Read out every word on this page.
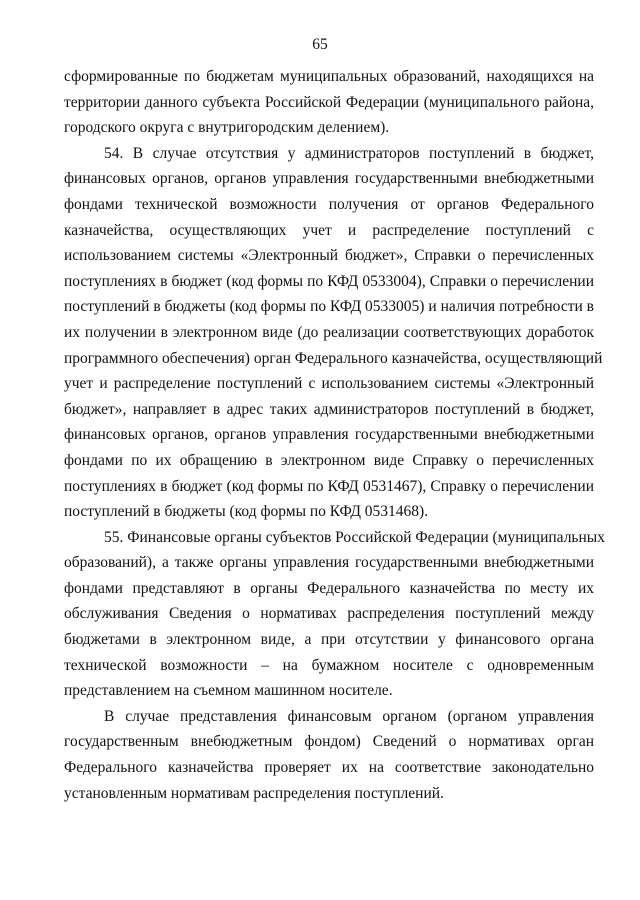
65

сформированные по бюджетам муниципальных образований, находящихся на
территории данного субъекта Российской Федерации (муниципального района,
городского округа с внутригородским делением).

54. В случае отсутствия у администраторов поступлений в бюджет,
финансовых органов, органов управления государственными внебюджетными
фондами технической возможности получения от органов Федерального
казначейства, осуществляющих учет и распределение поступлений с
использованием системы «Электронный бюджет», Справки о перечисленных
поступлениях в бюджет (код формы по КФД 0533004), Справки о перечислении
поступлений в бюджеты (код формы по КФД 0533005) и наличия потребности в
их получении в электронном виде (до реализации соответствующих доработок
программного обеспечения) орган Федерального казначейства, осуществляющий
учет и распределение поступлений с использованием системы «Электронный
бюджет», направляет в адрес таких администраторов поступлений в бюджет,
финансовых органов, органов управления государственными внебюджетными
фондами по их обращению в электронном виде Справку о перечисленных
поступлениях в бюджет (код формы по КФД 0531467), Справку о перечислении
поступлений в бюджеты (код формы по КФД 0531468).

55. Финансовые органы субъектов Российской Федерации (муниципальных
образований), а также органы управления государственными внебюджетными
фондами представляют в органы Федерального казначейства по месту их
обслуживания Сведения о нормативах распределения поступлений между
бюджетами в электронном виде, а при отсутствии у финансового органа
технической возможности – на бумажном носителе с одновременным
представлением на съемном машинном носителе.

В случае представления финансовым органом (органом управления
государственным внебюджетным фондом) Сведений о нормативах орган
Федерального казначейства проверяет их на соответствие законодательно
установленным нормативам распределения поступлений.
